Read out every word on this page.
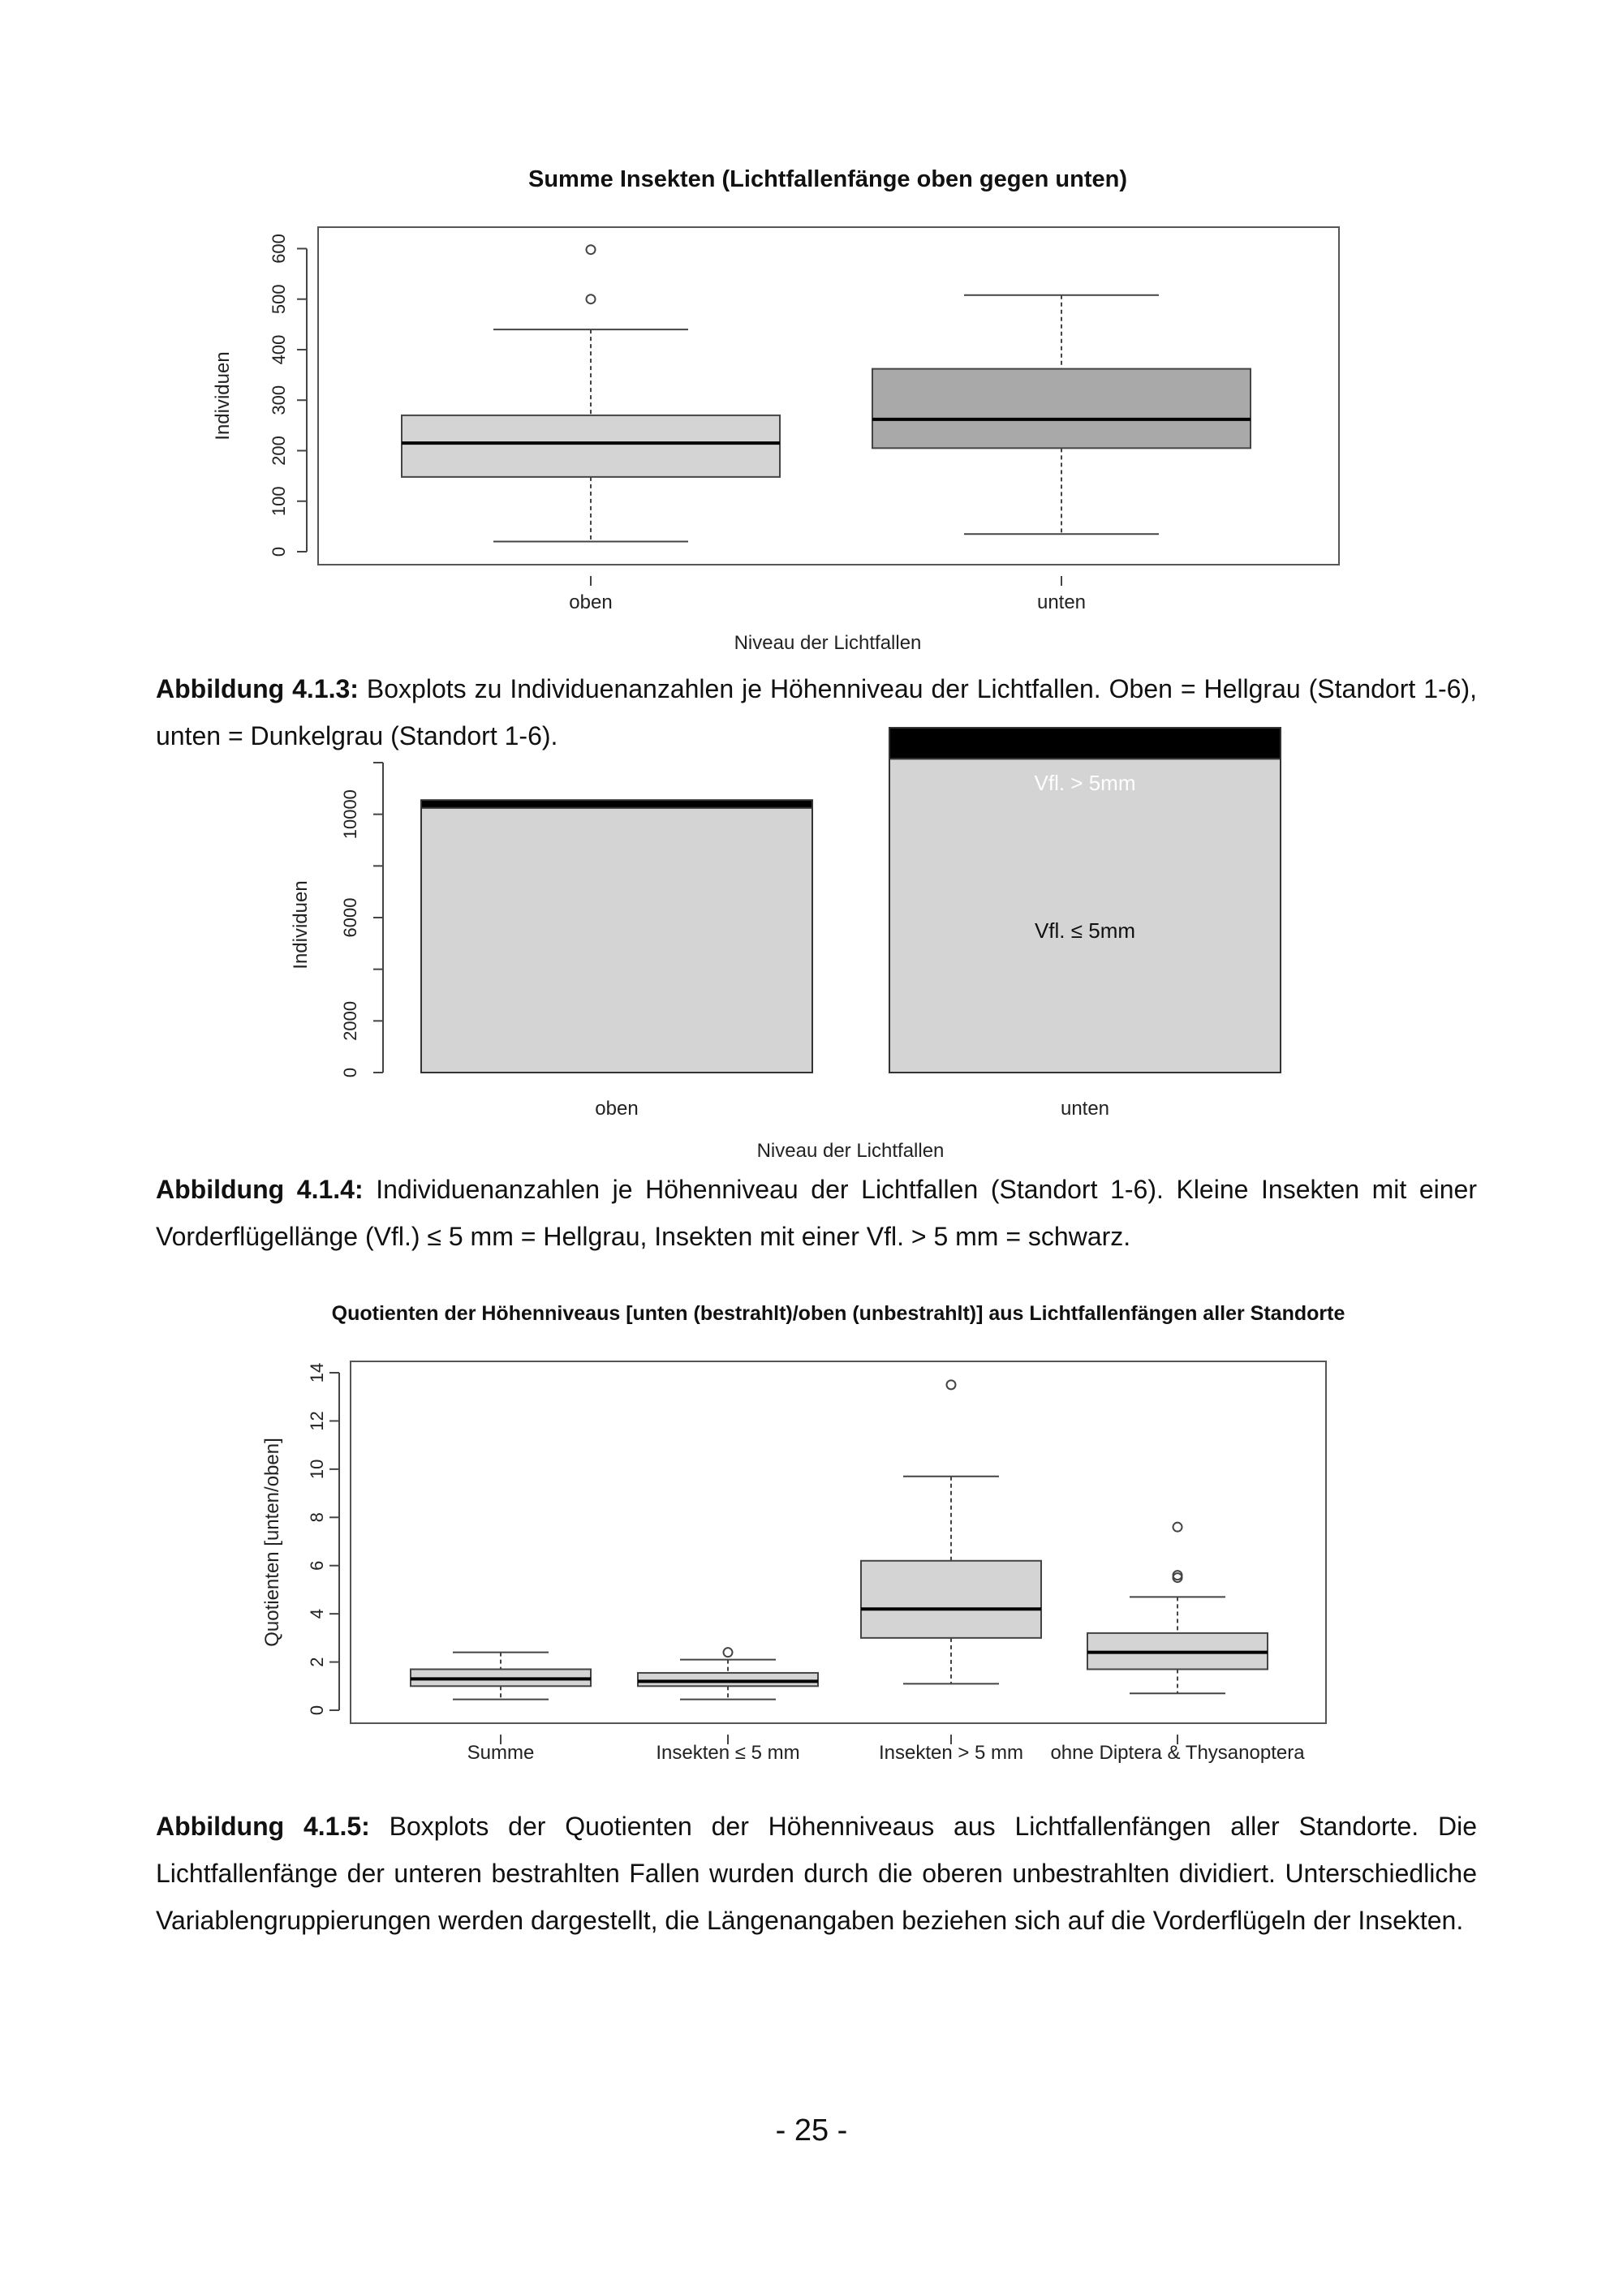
Summe Insekten (Lichtfallenfänge oben gegen unten)
0
100
200
300
400
500
600
Individuen
oben	unten
Niveau der Lichtfallen
0
2000
6000
10000
Individuen
oben	unten
Vfl. > 5mm
Vfl. ≤ 5mm
Niveau der Lichtfallen
Quotienten der Höhenniveaus [unten (bestrahlt)/oben (unbestrahlt)] aus Lichtfallenfängen aller Standorte
0
2
4
6
8
10
12
14
Quotienten [unten/oben]
Summe	Insekten ≤ 5 mm	Insekten > 5 mm ohne Diptera & Thysanoptera

Abbildung 4.1.3: Boxplots zu Individuenanzahlen je Höhenniveau der Lichtfallen. Oben = Hellgrau (Standort 1-6), unten = Dunkelgrau (Standort 1-6).

Abbildung 4.1.4: Individuenanzahlen je Höhenniveau der Lichtfallen (Standort 1-6). Kleine Insekten mit einer Vorderflügellänge (Vfl.) ≤ 5 mm = Hellgrau, Insekten mit einer Vfl. > 5 mm = schwarz.

Abbildung 4.1.5: Boxplots der Quotienten der Höhenniveaus aus Lichtfallenfängen aller Standorte. Die Lichtfallenfänge der unteren bestrahlten Fallen wurden durch die oberen unbestrahlten dividiert. Unterschiedliche Variablengruppierungen werden dargestellt, die Längenangaben beziehen sich auf die Vorderflügeln der Insekten.

- 25 -
